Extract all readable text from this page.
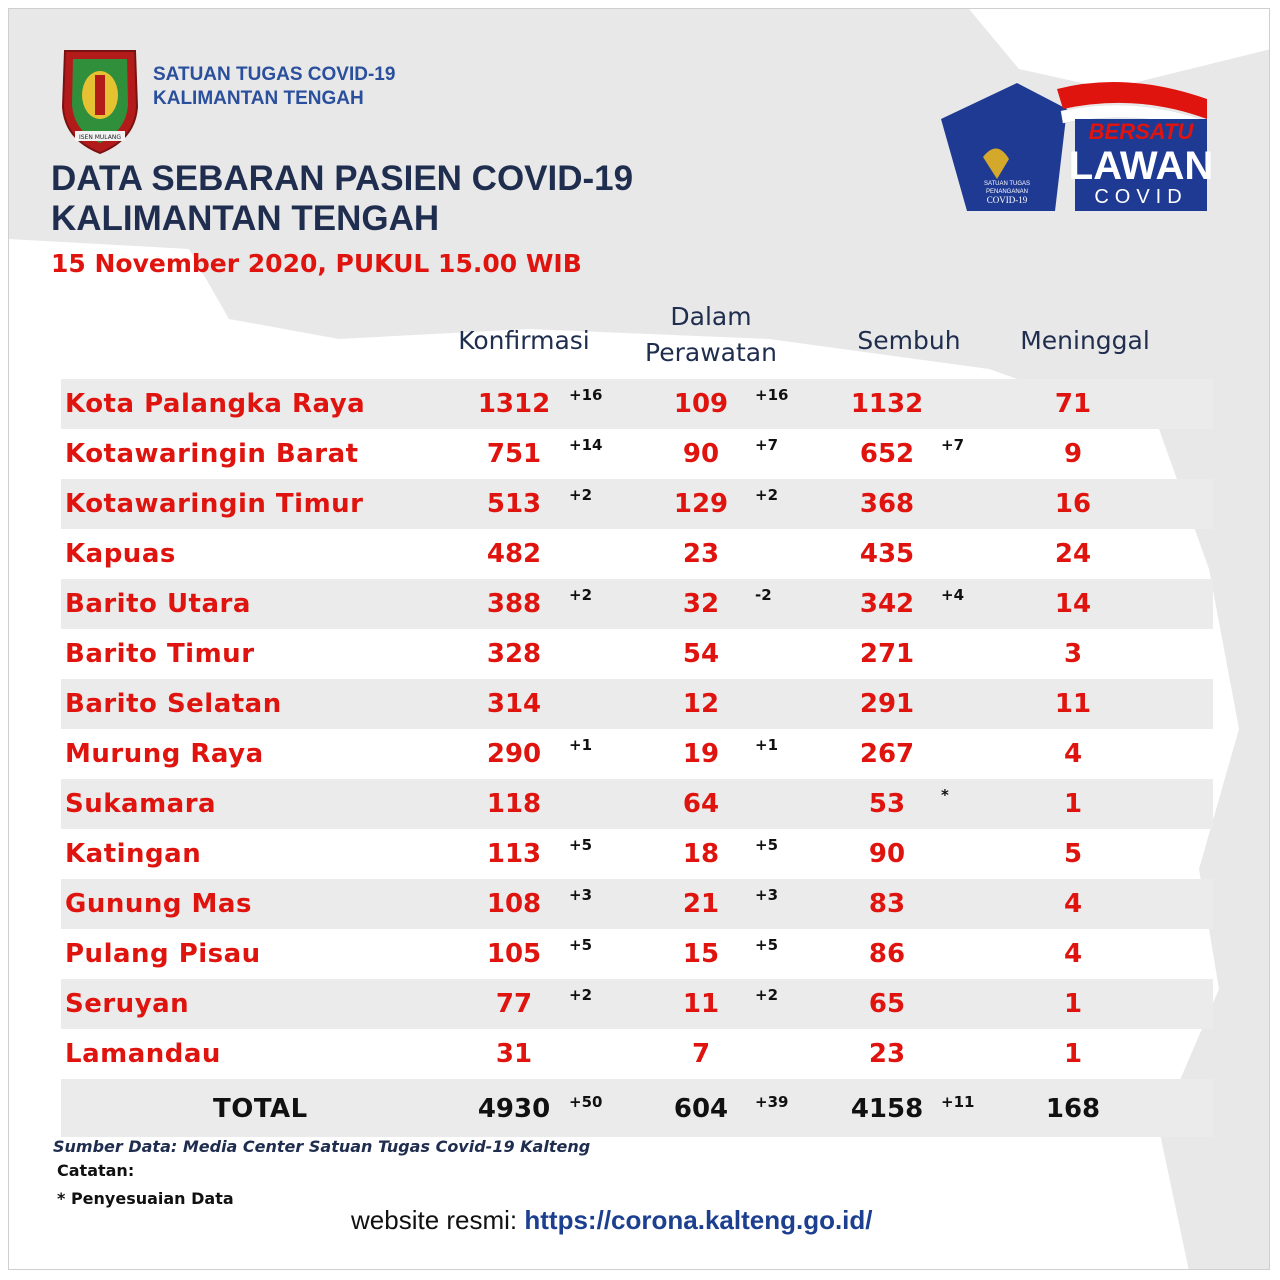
ISEN MULANG
SATUAN TUGAS COVID-19
KALIMANTAN TENGAH
DATA SEBARAN PASIEN COVID-19
KALIMANTAN TENGAH
15 November 2020, PUKUL 15.00 WIB
BERSATU
LAWAN
COVID
SATUAN TUGAS
PENANGANAN
COVID-19
Konfirmasi
Dalam
Perawatan	Sembuh	Meninggal
Kota Palangka Raya	1312	+16	109	+16	1132	71
Kotawaringin Barat	751	+14	90	+7	652	+7	9
Kotawaringin Timur	513	+2	129	+2	368	16
Kapuas	482	23	435	24
Barito Utara	388	+2	32	-2	342	+4	14
Barito Timur	328	54	271	3
Barito Selatan	314	12	291	11
Murung Raya	290	+1	19	+1	267	4
Sukamara	118	64	53	*	1
Katingan	113	+5	18	+5	90	5
Gunung Mas	108	+3	21	+3	83	4
Pulang Pisau	105	+5	15	+5	86	4
Seruyan	77	+2	11	+2	65	1
Lamandau	31	7	23	1
TOTAL	4930	+50	604	+39	4158	+11	168
Sumber Data: Media Center Satuan Tugas Covid-19 Kalteng
Catatan:
* Penyesuaian Data
website resmi: https://corona.kalteng.go.id/
